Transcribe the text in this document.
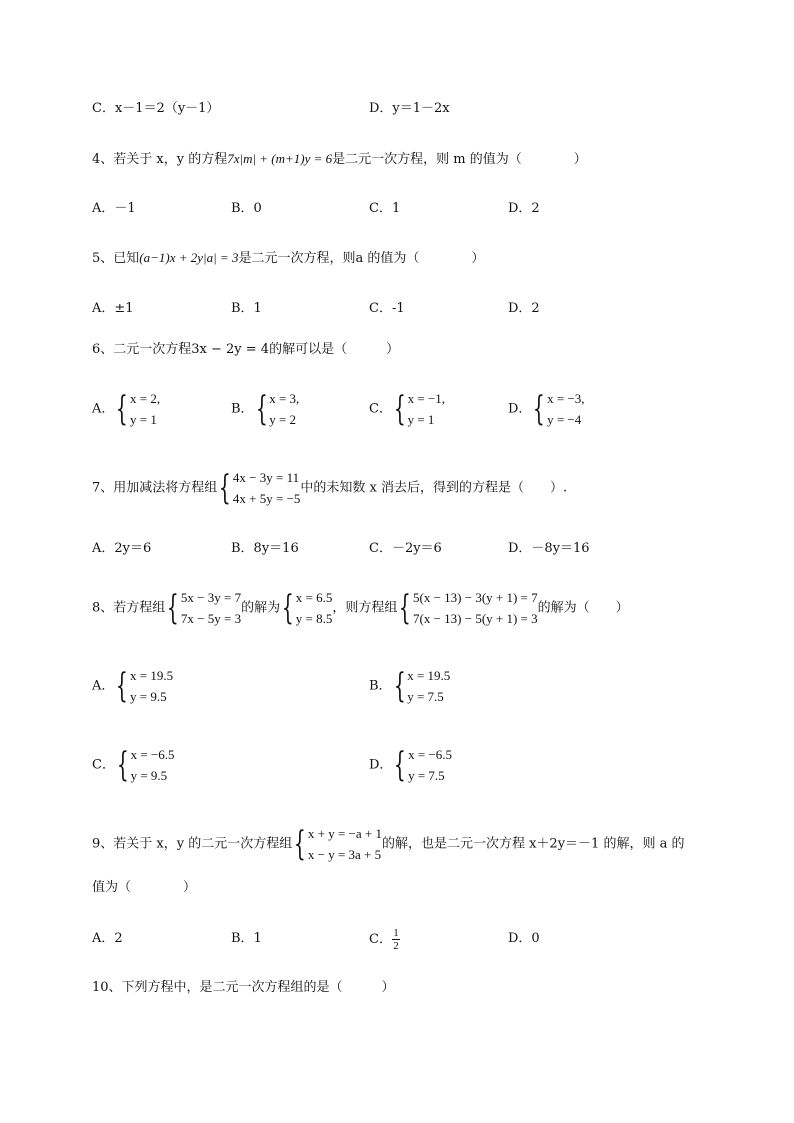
C．x－1＝2（y－1）	D．y＝1－2x
4、若关于 x，y 的方程7x|m| + (m+1)y = 6是二元一次方程，则 m 的值为（　　　　）
A．－1	B．0	C．1	D．2
5、已知(a−1)x + 2y|a| = 3是二元一次方程，则a 的值为（　　　　）
A．±1	B．1	C．-1	D．2
6、二元一次方程3x − 2y = 4的解可以是（　　　）
A． { x = 2,
y = 1
B． { x = 3,
y = 2
C． { x = −1,
y = 1
D． { x = −3,
y = −4
7、用加减法将方程组 { 4x − 3y = 11
4x + 5y = −5
中的未知数 x 消去后，得到的方程是（　　）.
A．2y＝6	B．8y＝16	C．－2y＝6	D．－8y＝16
8、若方程组 { 5x − 3y = 7
7x − 5y = 3
的解为 { x = 6.5
y = 8.5
，则方程组 { 5(x − 13) − 3(y + 1) = 7
7(x − 13) − 5(y + 1) = 3
的解为（　　）
A． { x = 19.5
y = 9.5
B． { x = 19.5
y = 7.5
C． { x = −6.5
y = 9.5
D． { x = −6.5
y = 7.5
9、若关于 x，y 的二元一次方程组 { x + y = −a + 1
x − y = 3a + 5
的解，也是二元一次方程 x＋2y＝－1 的解，则 a 的
值为（　　　　）
A．2	B．1	C． $\frac{1}{2}$	D．0
10、下列方程中，是二元一次方程组的是（　　　）
